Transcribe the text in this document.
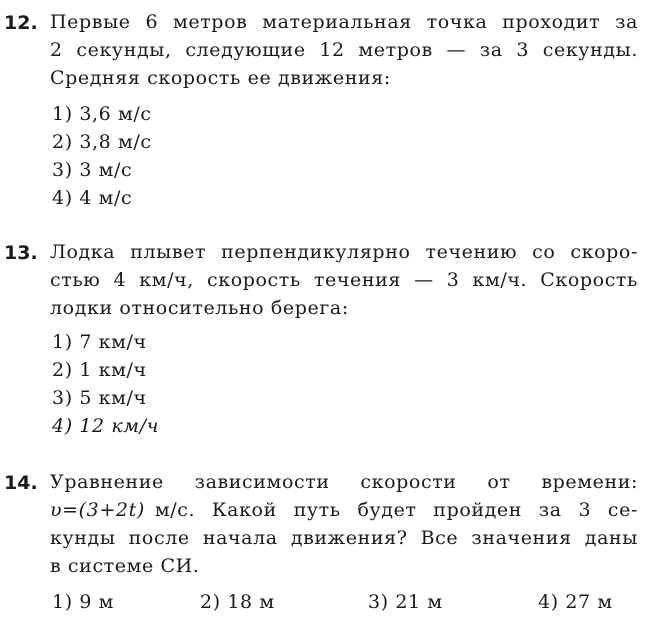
12. Первые 6 метров материальная точка проходит за
2 секунды, следующие 12 метров — за 3 секунды.
Средняя скорость ее движения:
1) 3,6 м/с
2) 3,8 м/с
3) 3 м/с
4) 4 м/с
13. Лодка плывет перпендикулярно течению со скоро-
стью 4 км/ч, скорость течения — 3 км/ч. Скорость
лодки относительно берега:
1) 7 км/ч
2) 1 км/ч
3) 5 км/ч
4) 12 км/ч
14. Уравнение зависимости скорости от времени:
υ=(3+2t) м/с. Какой путь будет пройден за 3 се-
кунды после начала движения? Все значения даны
в системе СИ.
1) 9 м	2) 18 м	3) 21 м	4) 27 м
